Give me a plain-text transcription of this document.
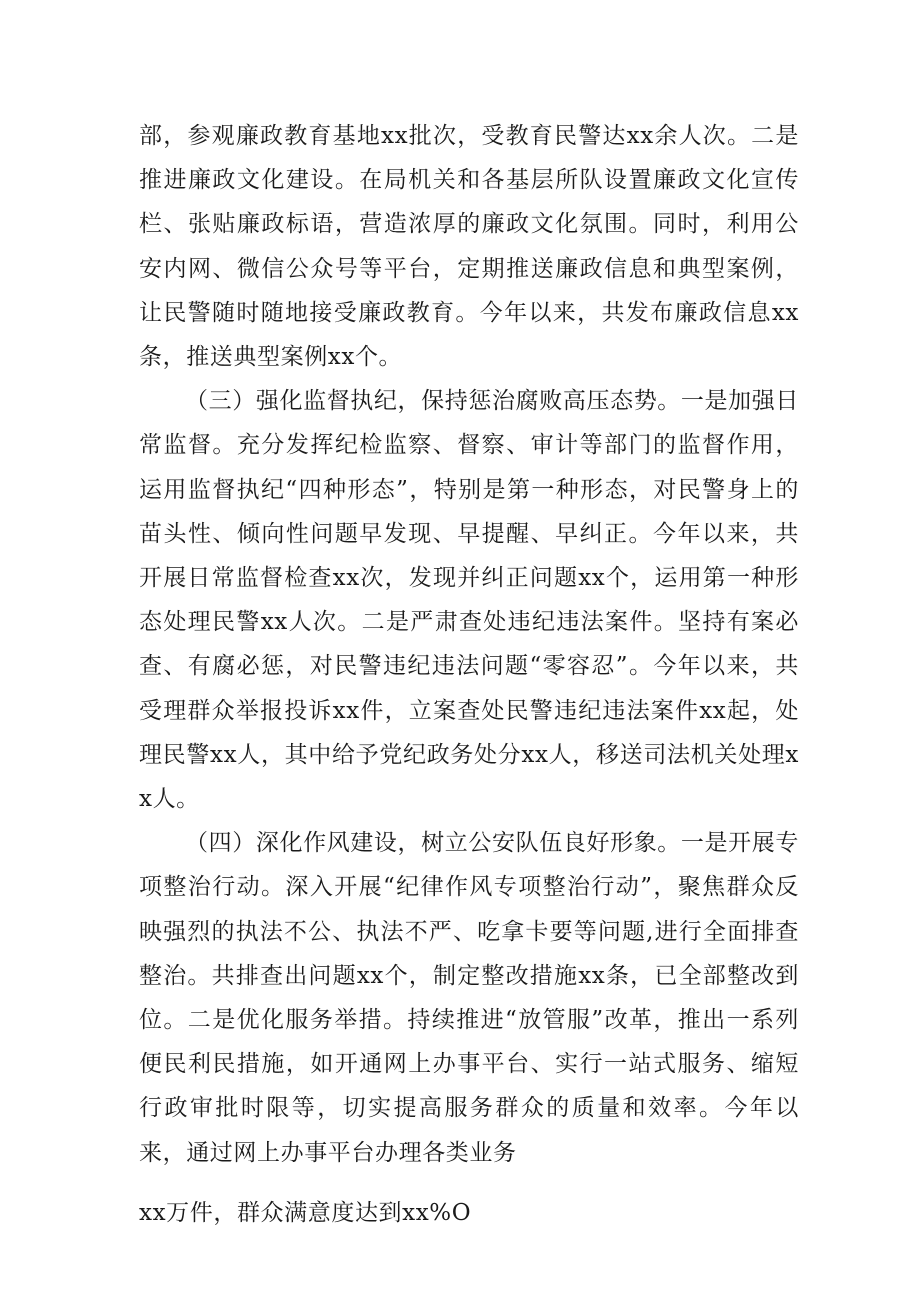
部，参观廉政教育基地xx批次，受教育民警达xx余人次。二是推进廉政文化建设。在局机关和各基层所队设置廉政文化宣传栏、张贴廉政标语，营造浓厚的廉政文化氛围。同时，利用公安内网、微信公众号等平台，定期推送廉政信息和典型案例，让民警随时随地接受廉政教育。今年以来，共发布廉政信息xx条，推送典型案例xx个。

（三）强化监督执纪，保持惩治腐败高压态势。一是加强日常监督。充分发挥纪检监察、督察、审计等部门的监督作用，运用监督执纪“四种形态”，特别是第一种形态，对民警身上的苗头性、倾向性问题早发现、早提醒、早纠正。今年以来，共开展日常监督检查xx次，发现并纠正问题xx个，运用第一种形态处理民警xx人次。二是严肃查处违纪违法案件。坚持有案必查、有腐必惩，对民警违纪违法问题“零容忍”。今年以来，共受理群众举报投诉xx件，立案查处民警违纪违法案件xx起，处理民警xx人，其中给予党纪政务处分xx人，移送司法机关处理xx人。

（四）深化作风建设，树立公安队伍良好形象。一是开展专项整治行动。深入开展“纪律作风专项整治行动”，聚焦群众反映强烈的执法不公、执法不严、吃拿卡要等问题,进行全面排查整治。共排查出问题xx个，制定整改措施xx条，已全部整改到位。二是优化服务举措。持续推进“放管服”改革，推出一系列便民利民措施，如开通网上办事平台、实行一站式服务、缩短行政审批时限等，切实提高服务群众的质量和效率。今年以来，通过网上办事平台办理各类业务

xx万件，群众满意度达到xx%O
